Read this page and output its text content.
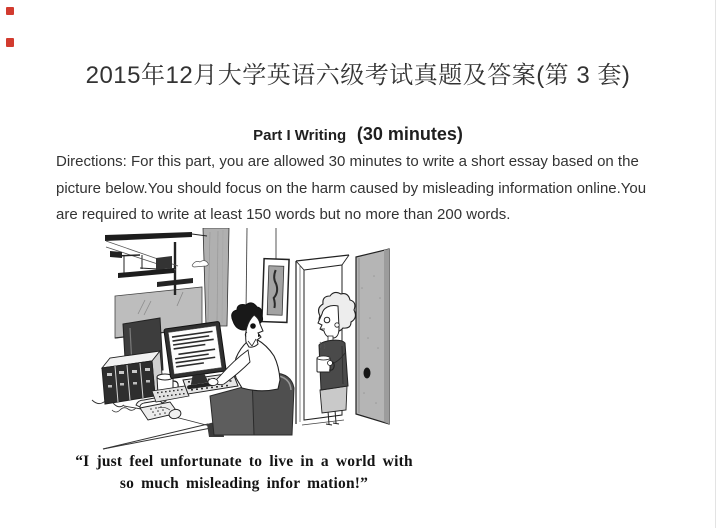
2015年12月大学英语六级考试真题及答案(第 3 套)
Part I Writing (30 minutes)

Directions: For this part, you are allowed 30 minutes to write a short essay based on the
picture below.You should focus on the harm caused by misleading information online.You
are required to write at least 150 words but no more than 200 words.

“I just feel unfortunate to live in a world with
so much misleading infor mation!”
